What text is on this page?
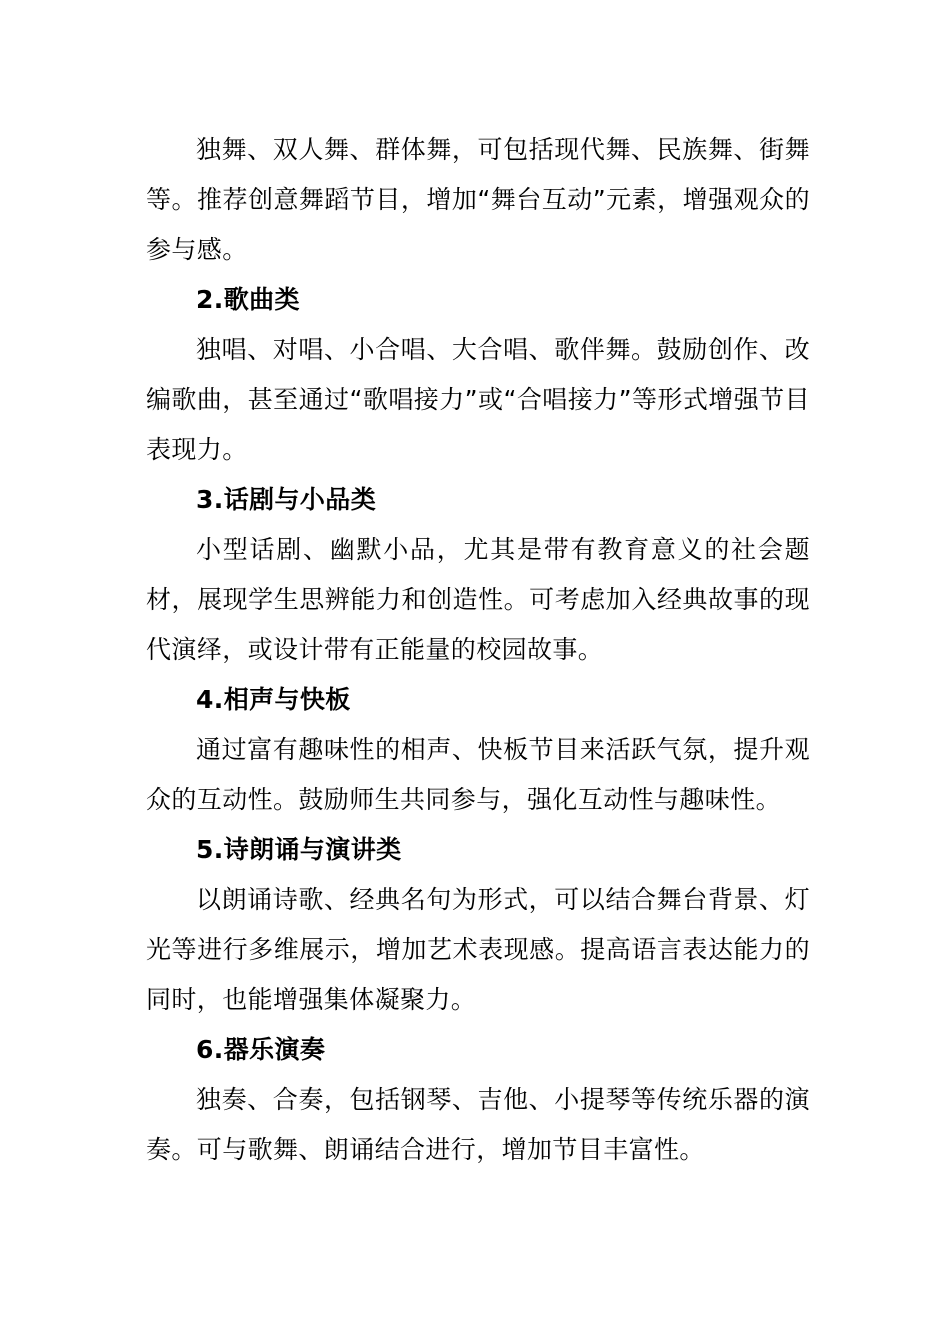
独舞、双人舞、群体舞，可包括现代舞、民族舞、街舞等。推荐创意舞蹈节目，增加“舞台互动”元素，增强观众的参与感。

2.歌曲类

独唱、对唱、小合唱、大合唱、歌伴舞。鼓励创作、改编歌曲，甚至通过“歌唱接力”或“合唱接力”等形式增强节目表现力。

3.话剧与小品类

小型话剧、幽默小品，尤其是带有教育意义的社会题材，展现学生思辨能力和创造性。可考虑加入经典故事的现代演绎，或设计带有正能量的校园故事。

4.相声与快板

通过富有趣味性的相声、快板节目来活跃气氛，提升观众的互动性。鼓励师生共同参与，强化互动性与趣味性。

5.诗朗诵与演讲类

以朗诵诗歌、经典名句为形式，可以结合舞台背景、灯光等进行多维展示，增加艺术表现感。提高语言表达能力的同时，也能增强集体凝聚力。

6.器乐演奏

独奏、合奏，包括钢琴、吉他、小提琴等传统乐器的演奏。可与歌舞、朗诵结合进行，增加节目丰富性。
